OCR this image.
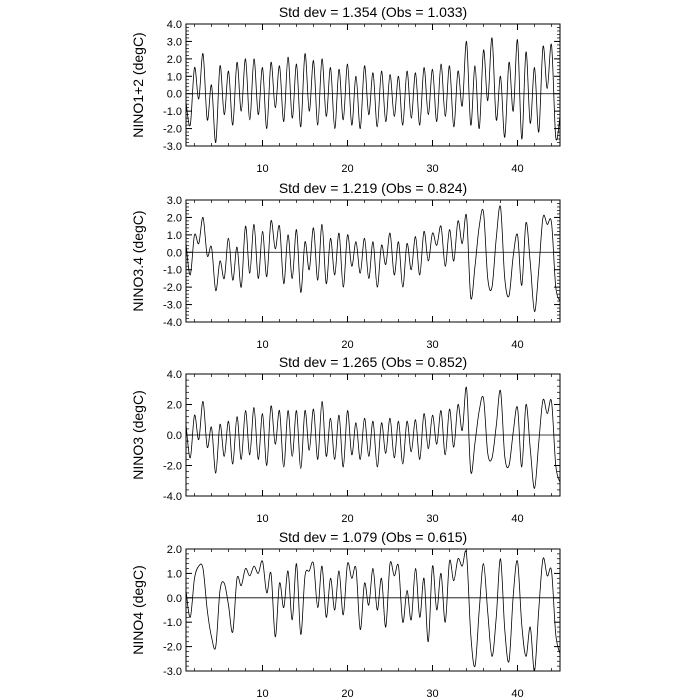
Std dev = 1.354 (Obs = 1.033)
NINO1+2 (degC)
-3.0
-2.0
-1.0
0.0
1.0
2.0
3.0
4.0
10	20	30	40
Std dev = 1.219 (Obs = 0.824)
NINO3.4 (degC)
-4.0
-3.0
-2.0
-1.0
0.0
1.0
2.0
3.0
10	20	30	40
Std dev = 1.265 (Obs = 0.852)
NINO3 (degC)
-4.0
-2.0
0.0
2.0
4.0
10	20	30	40
Std dev = 1.079 (Obs = 0.615)
NINO4 (degC)
-3.0
-2.0
-1.0
0.0
1.0
2.0
10	20	30	40
